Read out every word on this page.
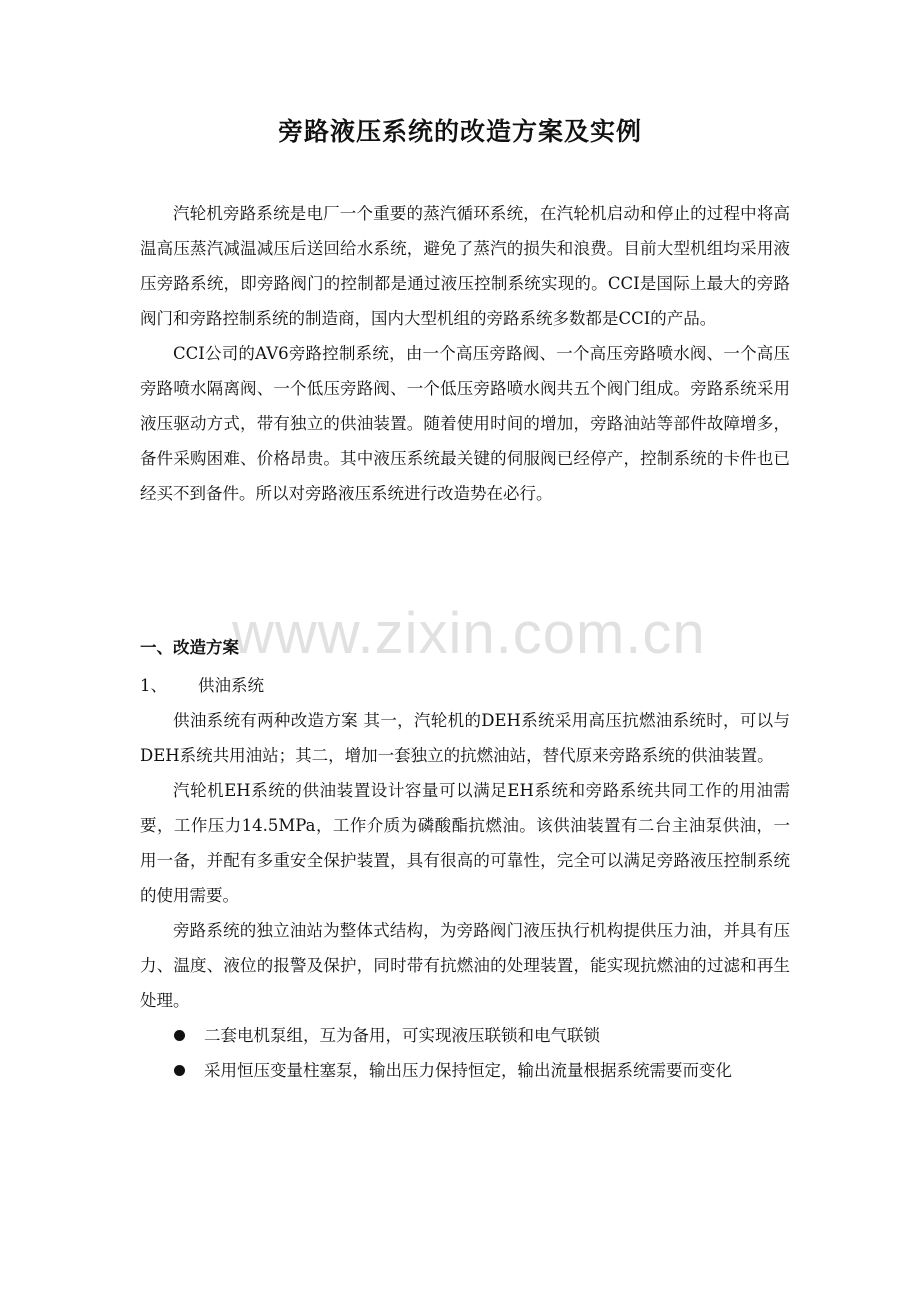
www.zixin.com.cn
旁路液压系统的改造方案及实例

汽轮机旁路系统是电厂一个重要的蒸汽循环系统，在汽轮机启动和停止的过程中将高温高压蒸汽减温减压后送回给水系统，避免了蒸汽的损失和浪费。目前大型机组均采用液压旁路系统，即旁路阀门的控制都是通过液压控制系统实现的。CCI是国际上最大的旁路阀门和旁路控制系统的制造商，国内大型机组的旁路系统多数都是CCI的产品。

CCI公司的AV6旁路控制系统，由一个高压旁路阀、一个高压旁路喷水阀、一个高压旁路喷水隔离阀、一个低压旁路阀、一个低压旁路喷水阀共五个阀门组成。旁路系统采用液压驱动方式，带有独立的供油装置。随着使用时间的增加，旁路油站等部件故障增多，备件采购困难、价格昂贵。其中液压系统最关键的伺服阀已经停产，控制系统的卡件也已经买不到备件。所以对旁路液压系统进行改造势在必行。

一、改造方案

1、 供油系统

供油系统有两种改造方案 其一，汽轮机的DEH系统采用高压抗燃油系统时，可以与DEH系统共用油站；其二，增加一套独立的抗燃油站，替代原来旁路系统的供油装置。

汽轮机EH系统的供油装置设计容量可以满足EH系统和旁路系统共同工作的用油需要，工作压力14.5MPa，工作介质为磷酸酯抗燃油。该供油装置有二台主油泵供油，一用一备，并配有多重安全保护装置，具有很高的可靠性，完全可以满足旁路液压控制系统的使用需要。

旁路系统的独立油站为整体式结构，为旁路阀门液压执行机构提供压力油，并具有压力、温度、液位的报警及保护，同时带有抗燃油的处理装置，能实现抗燃油的过滤和再生处理。

二套电机泵组，互为备用，可实现液压联锁和电气联锁
采用恒压变量柱塞泵，输出压力保持恒定，输出流量根据系统需要而变化
